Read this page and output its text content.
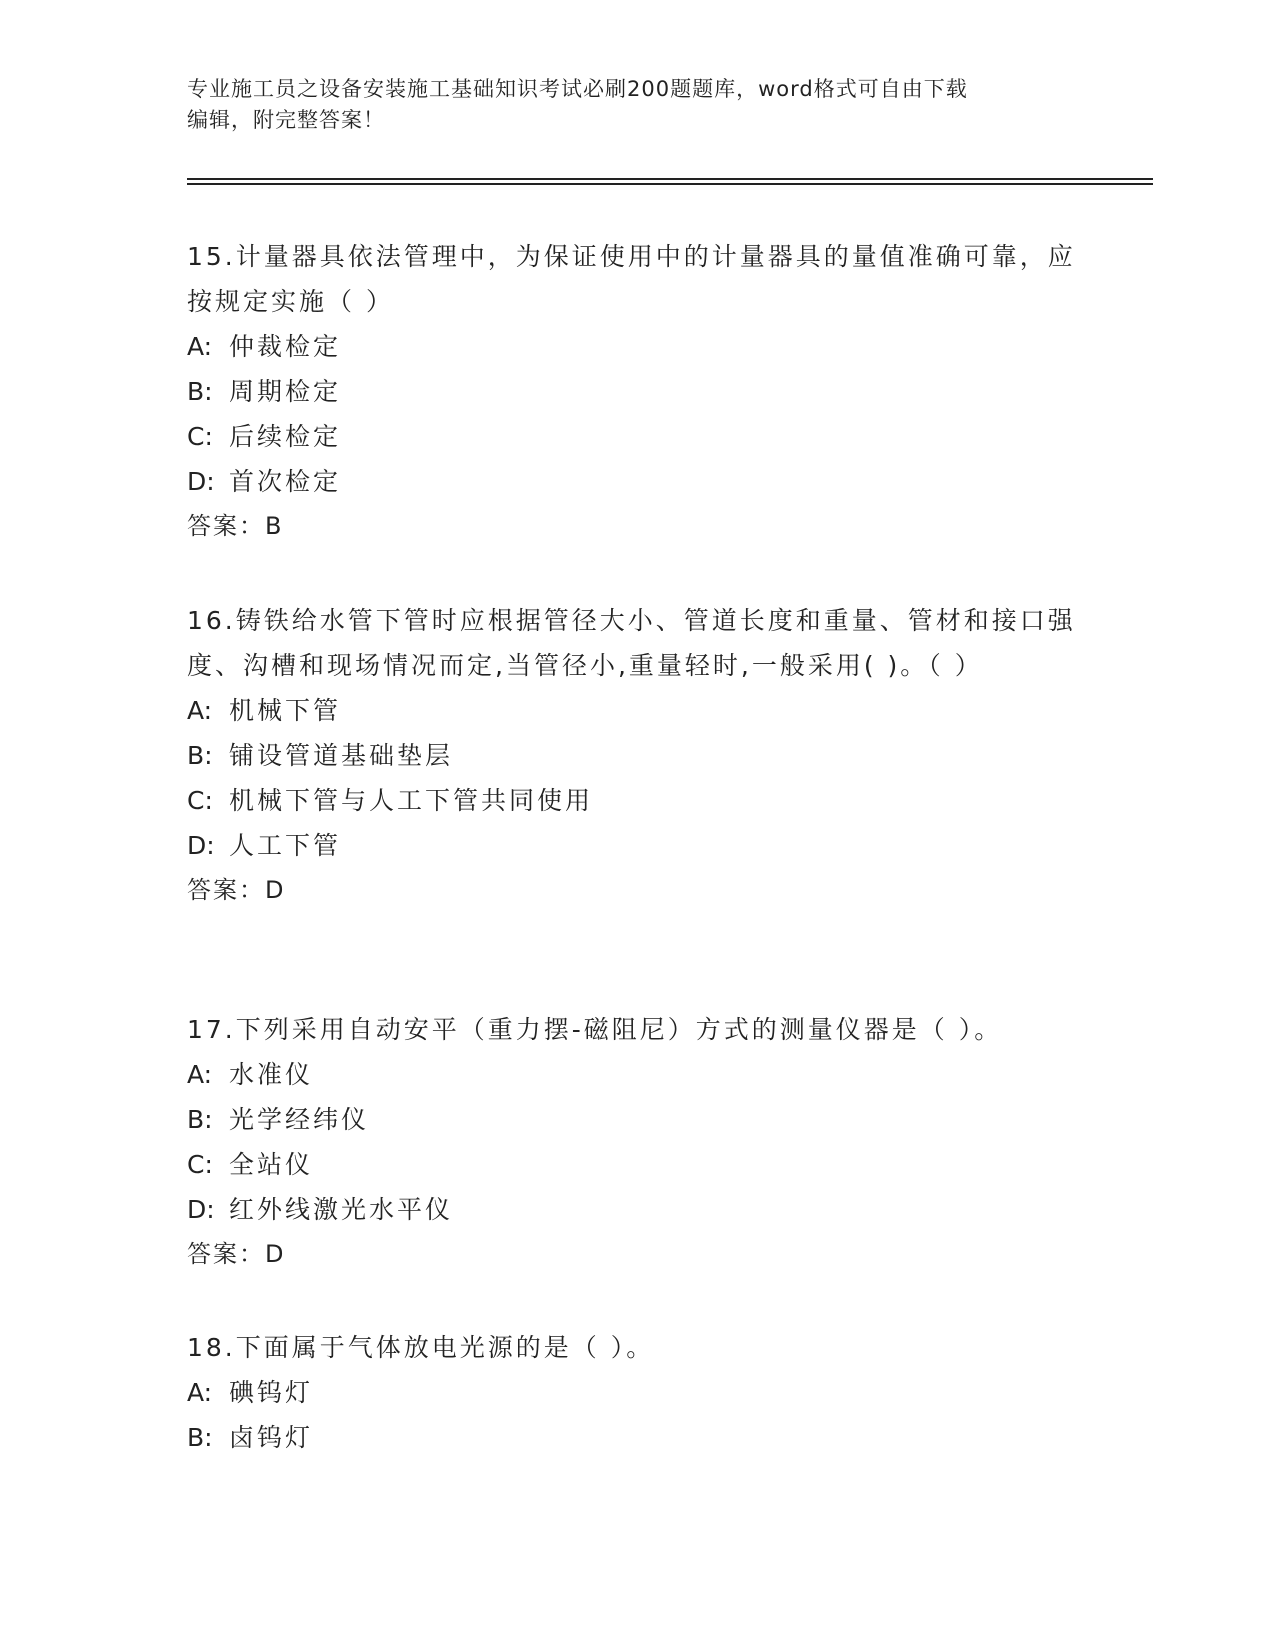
专业施工员之设备安装施工基础知识考试必刷200题题库，word格式可自由下载
编辑，附完整答案！
15.计量器具依法管理中，为保证使用中的计量器具的量值准确可靠，应按规定实施（ ）
A: 仲裁检定
B: 周期检定
C: 后续检定
D: 首次检定
答案：B
16.铸铁给水管下管时应根据管径大小、管道长度和重量、管材和接口强度、沟槽和现场情况而定,当管径小,重量轻时,一般采用( )。（ ）
A: 机械下管
B: 铺设管道基础垫层
C: 机械下管与人工下管共同使用
D: 人工下管
答案：D
17.下列采用自动安平（重力摆-磁阻尼）方式的测量仪器是（ ）。
A: 水准仪
B: 光学经纬仪
C: 全站仪
D: 红外线激光水平仪
答案：D
18.下面属于气体放电光源的是（ ）。
A: 碘钨灯
B: 卤钨灯
